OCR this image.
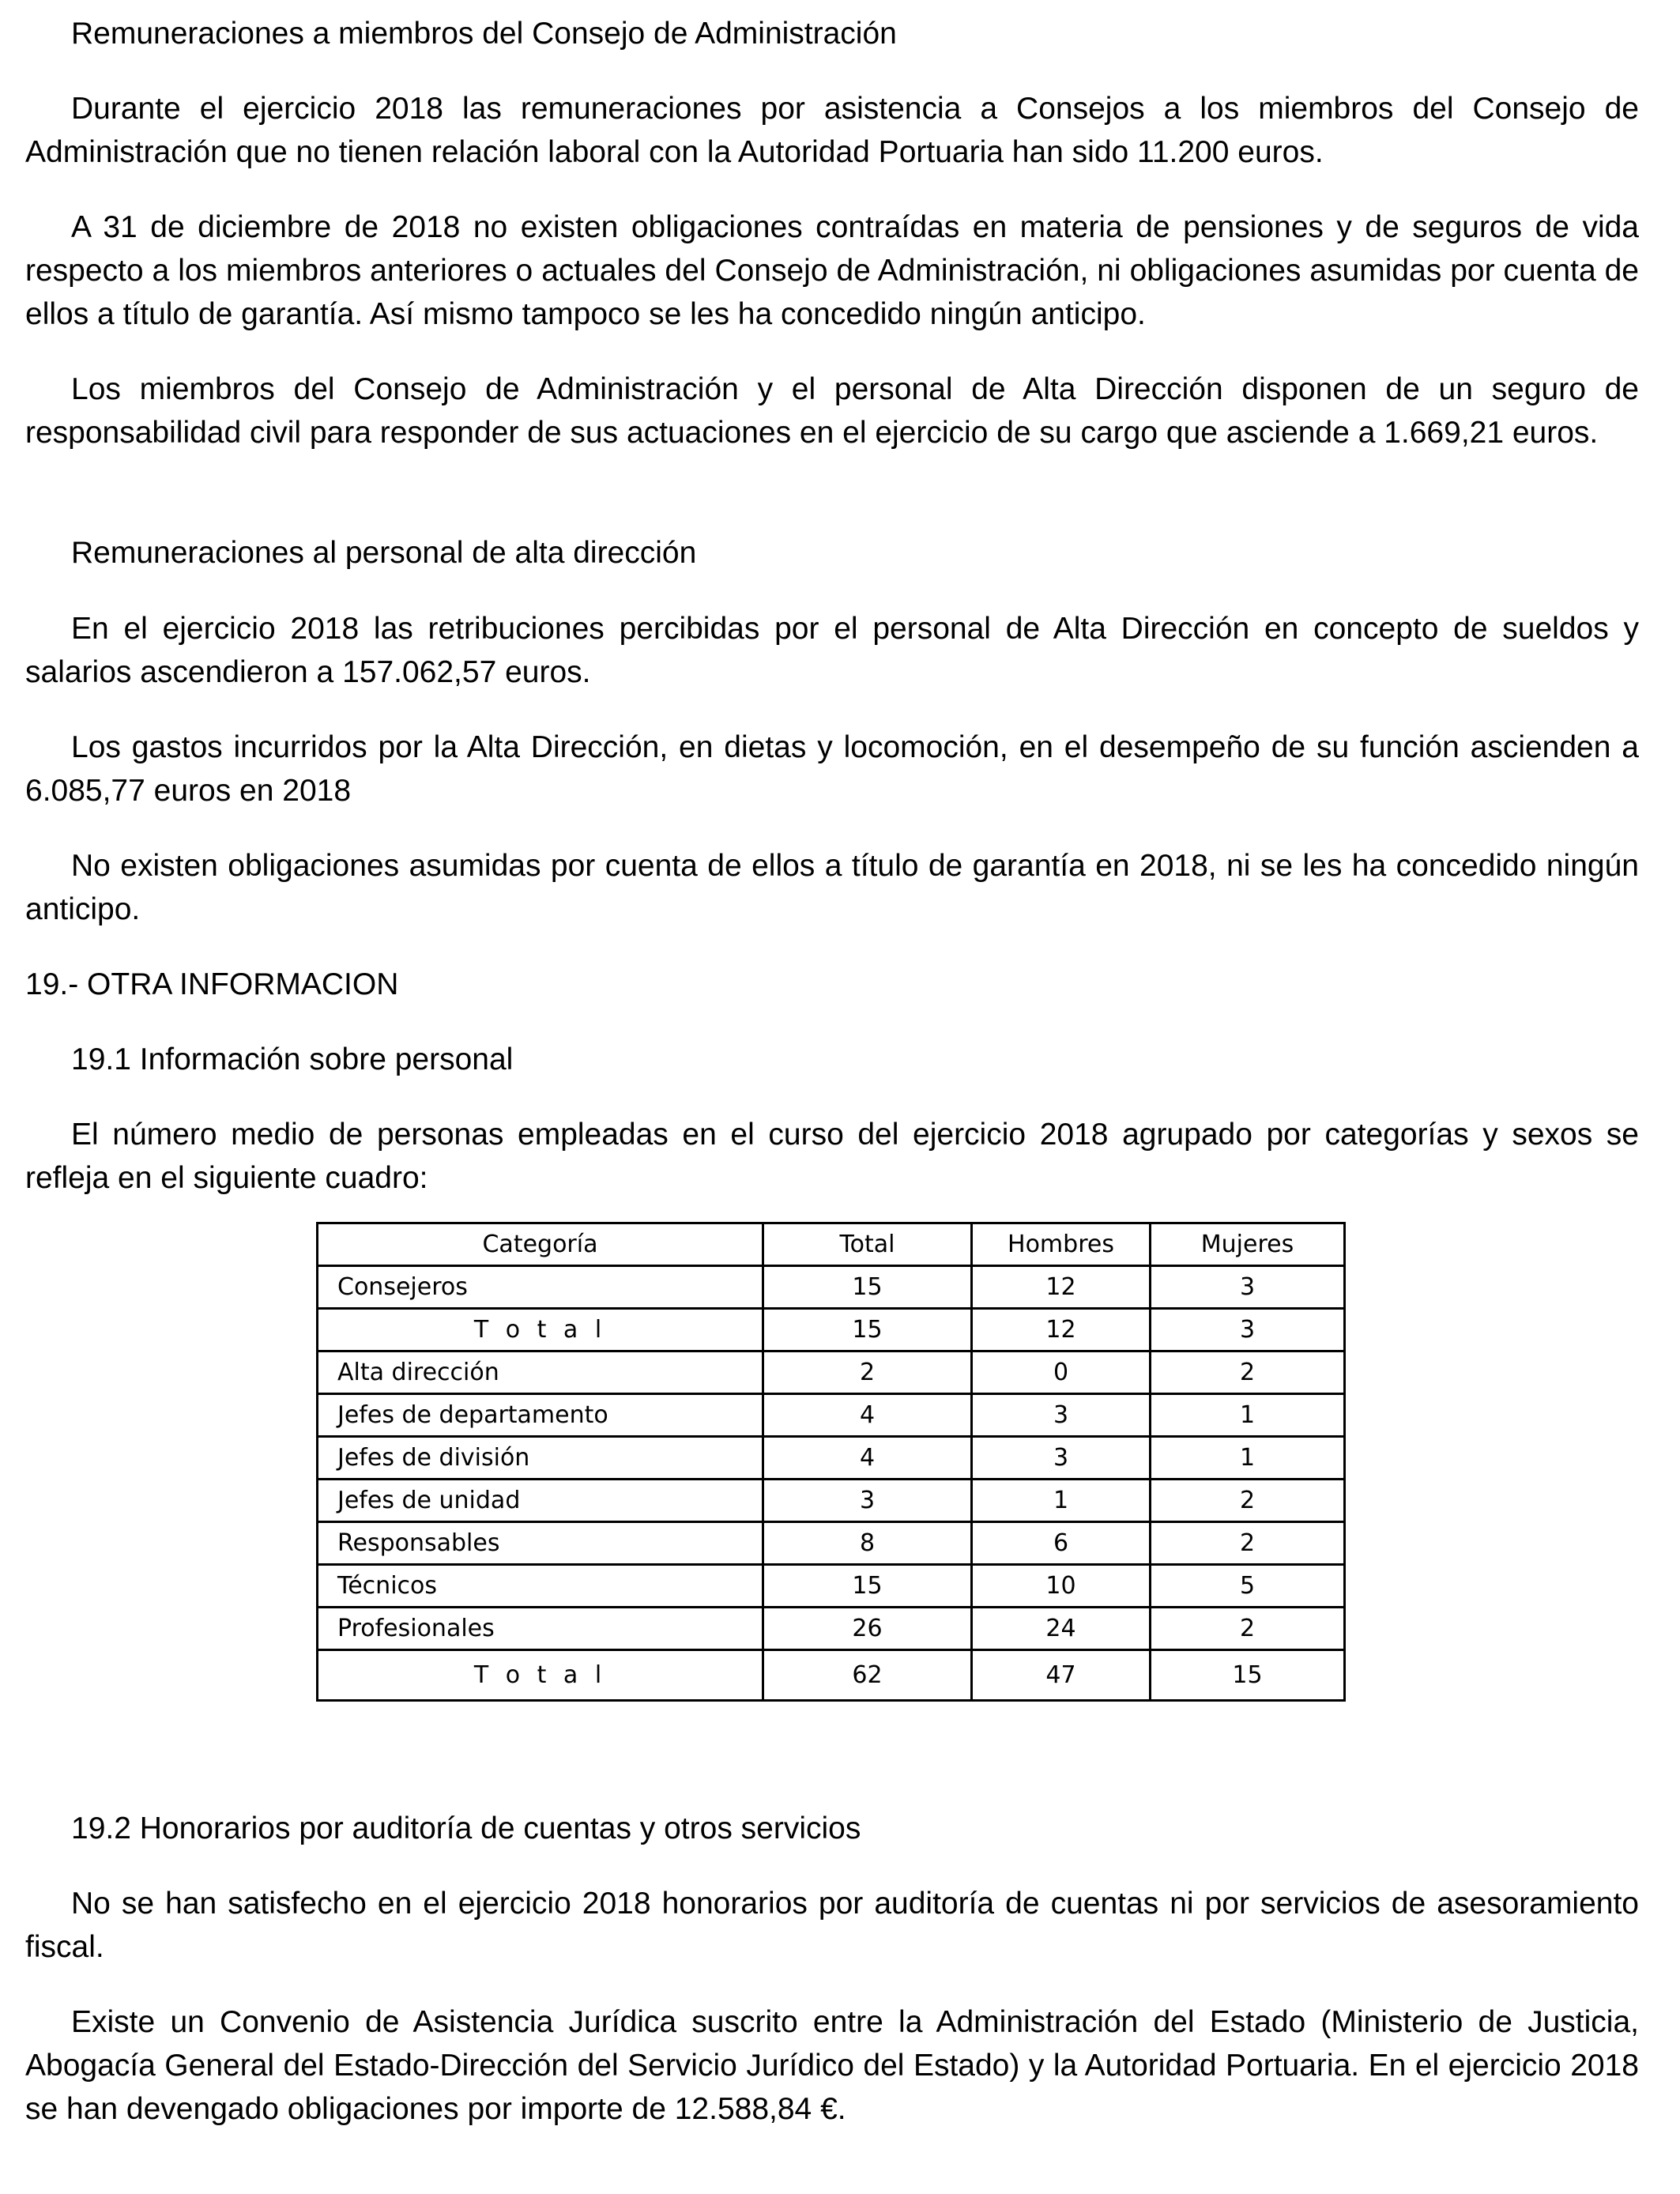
Remuneraciones a miembros del Consejo de Administración

Durante el ejercicio 2018 las remuneraciones por asistencia a Consejos a los miembros del Consejo de Administración que no tienen relación laboral con la Autoridad Portuaria han sido 11.200 euros.

A 31 de diciembre de 2018 no existen obligaciones contraídas en materia de pensiones y de seguros de vida respecto a los miembros anteriores o actuales del Consejo de Administración, ni obligaciones asumidas por cuenta de ellos a título de garantía. Así mismo tampoco se les ha concedido ningún anticipo.

Los miembros del Consejo de Administración y el personal de Alta Dirección disponen de un seguro de responsabilidad civil para responder de sus actuaciones en el ejercicio de su cargo que asciende a 1.669,21 euros.

Remuneraciones al personal de alta dirección

En el ejercicio 2018 las retribuciones percibidas por el personal de Alta Dirección en concepto de sueldos y salarios ascendieron a 157.062,57 euros.

Los gastos incurridos por la Alta Dirección, en dietas y locomoción, en el desempeño de su función ascienden a 6.085,77 euros en 2018

No existen obligaciones asumidas por cuenta de ellos a título de garantía en 2018, ni se les ha concedido ningún anticipo.

19.- OTRA INFORMACION

19.1 Información sobre personal

El número medio de personas empleadas en el curso del ejercicio 2018 agrupado por categorías y sexos se refleja en el siguiente cuadro:

19.2 Honorarios por auditoría de cuentas y otros servicios

No se han satisfecho en el ejercicio 2018 honorarios por auditoría de cuentas ni por servicios de asesoramiento fiscal.

Existe un Convenio de Asistencia Jurídica suscrito entre la Administración del Estado (Ministerio de Justicia, Abogacía General del Estado-Dirección del Servicio Jurídico del Estado) y la Autoridad Portuaria. En el ejercicio 2018 se han devengado obligaciones por importe de 12.588,84 €.

Categoría	Total	Hombres	Mujeres
Consejeros	15	12	3
T o t a l	15	12	3
Alta dirección	2	0	2
Jefes de departamento	4	3	1
Jefes de división	4	3	1
Jefes de unidad	3	1	2
Responsables	8	6	2
Técnicos	15	10	5
Profesionales	26	24	2
T o t a l	62	47	15
